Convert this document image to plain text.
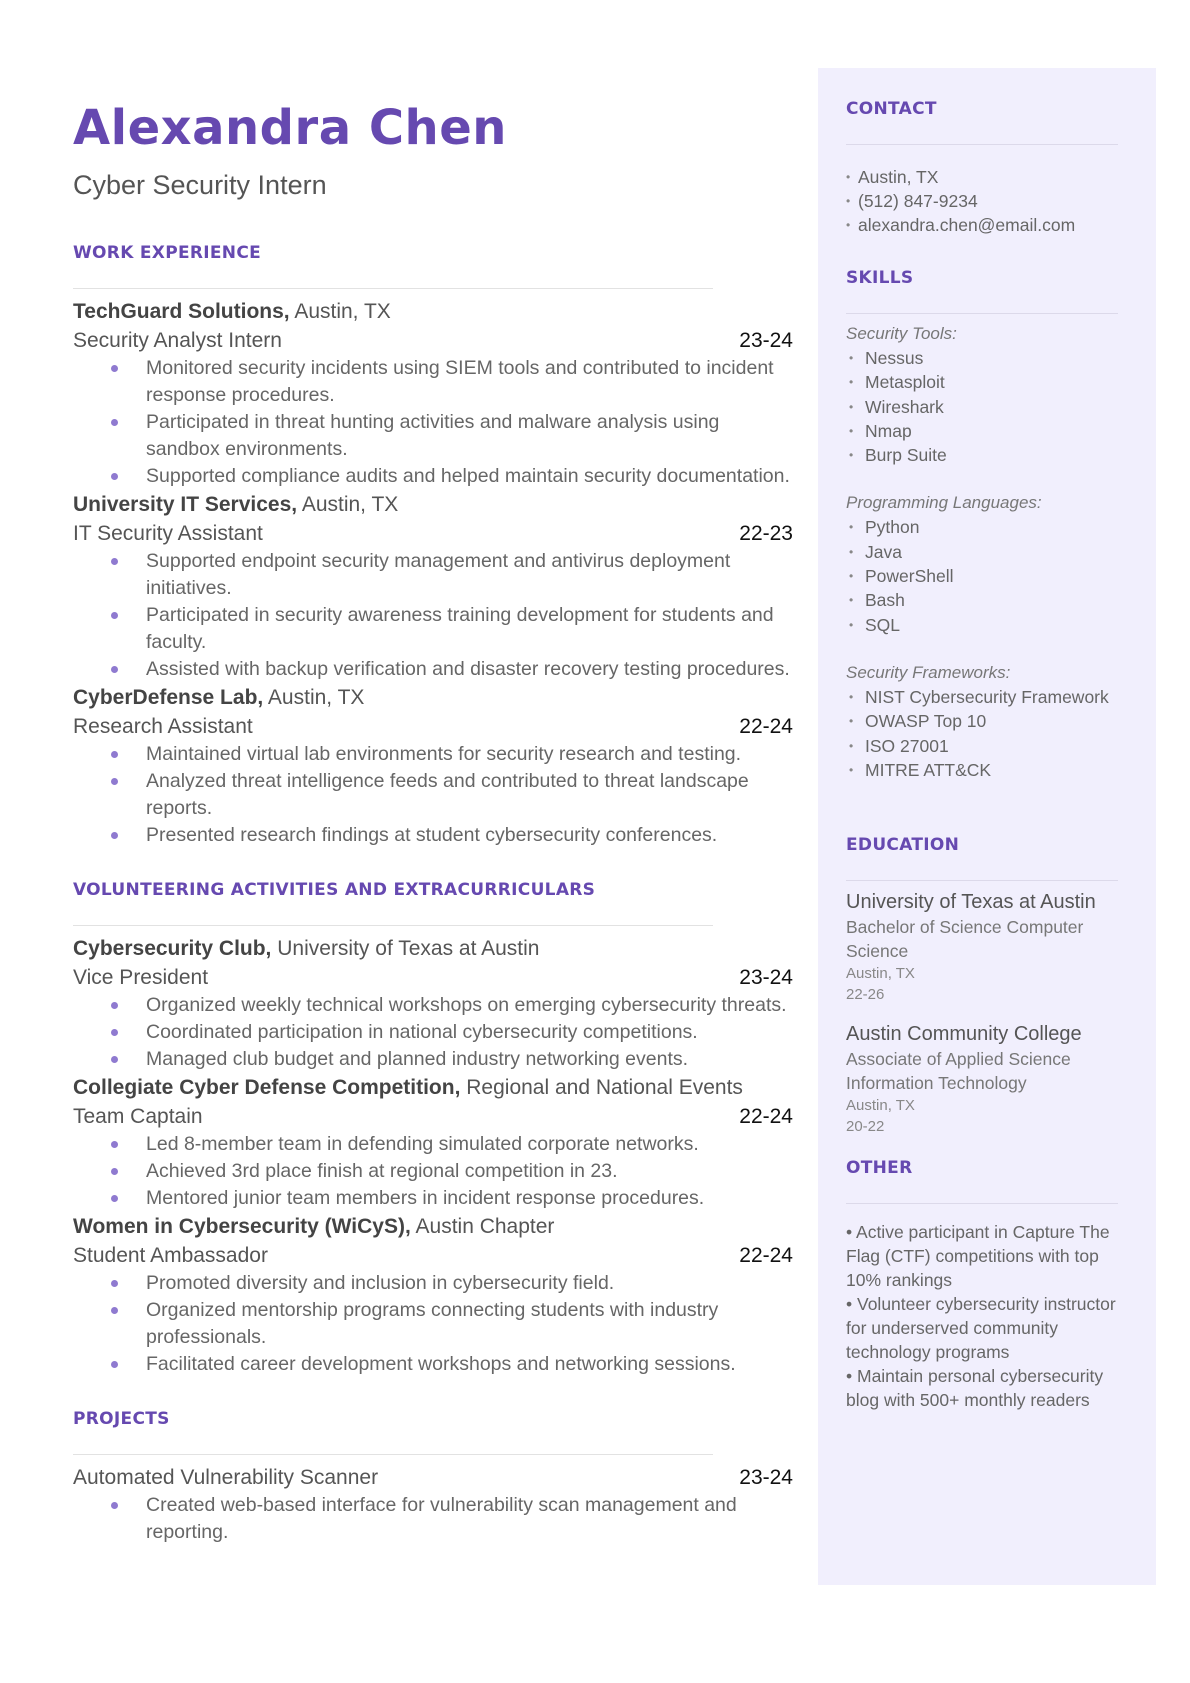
Alexandra Chen
Cyber Security Intern
WORK EXPERIENCE
TechGuard Solutions, Austin, TX
Security Analyst Intern	23-24
Monitored security incidents using SIEM tools and contributed to incident response procedures.
Participated in threat hunting activities and malware analysis using sandbox environments.
Supported compliance audits and helped maintain security documentation.
University IT Services, Austin, TX
IT Security Assistant	22-23
Supported endpoint security management and antivirus deployment initiatives.
Participated in security awareness training development for students and faculty.
Assisted with backup verification and disaster recovery testing procedures.
CyberDefense Lab, Austin, TX
Research Assistant	22-24
Maintained virtual lab environments for security research and testing.
Analyzed threat intelligence feeds and contributed to threat landscape reports.
Presented research findings at student cybersecurity conferences.
VOLUNTEERING ACTIVITIES AND EXTRACURRICULARS
Cybersecurity Club, University of Texas at Austin
Vice President	23-24
Organized weekly technical workshops on emerging cybersecurity threats.
Coordinated participation in national cybersecurity competitions.
Managed club budget and planned industry networking events.
Collegiate Cyber Defense Competition, Regional and National Events
Team Captain	22-24
Led 8-member team in defending simulated corporate networks.
Achieved 3rd place finish at regional competition in 23.
Mentored junior team members in incident response procedures.
Women in Cybersecurity (WiCyS), Austin Chapter
Student Ambassador	22-24
Promoted diversity and inclusion in cybersecurity field.
Organized mentorship programs connecting students with industry professionals.
Facilitated career development workshops and networking sessions.
PROJECTS
Automated Vulnerability Scanner	23-24
Created web-based interface for vulnerability scan management and reporting.
CONTACT
• Austin, TX
• (512) 847-9234
• alexandra.chen@email.com
SKILLS
Security Tools:
• Nessus
• Metasploit
• Wireshark
• Nmap
• Burp Suite
Programming Languages:
• Python
• Java
• PowerShell
• Bash
• SQL
Security Frameworks:
• NIST Cybersecurity Framework
• OWASP Top 10
• ISO 27001
• MITRE ATT&CK
EDUCATION
University of Texas at Austin
Bachelor of Science Computer Science
Austin, TX
22-26
Austin Community College
Associate of Applied Science Information Technology
Austin, TX
20-22
OTHER
• Active participant in Capture The Flag (CTF) competitions with top 10% rankings
• Volunteer cybersecurity instructor for underserved community technology programs
• Maintain personal cybersecurity blog with 500+ monthly readers
